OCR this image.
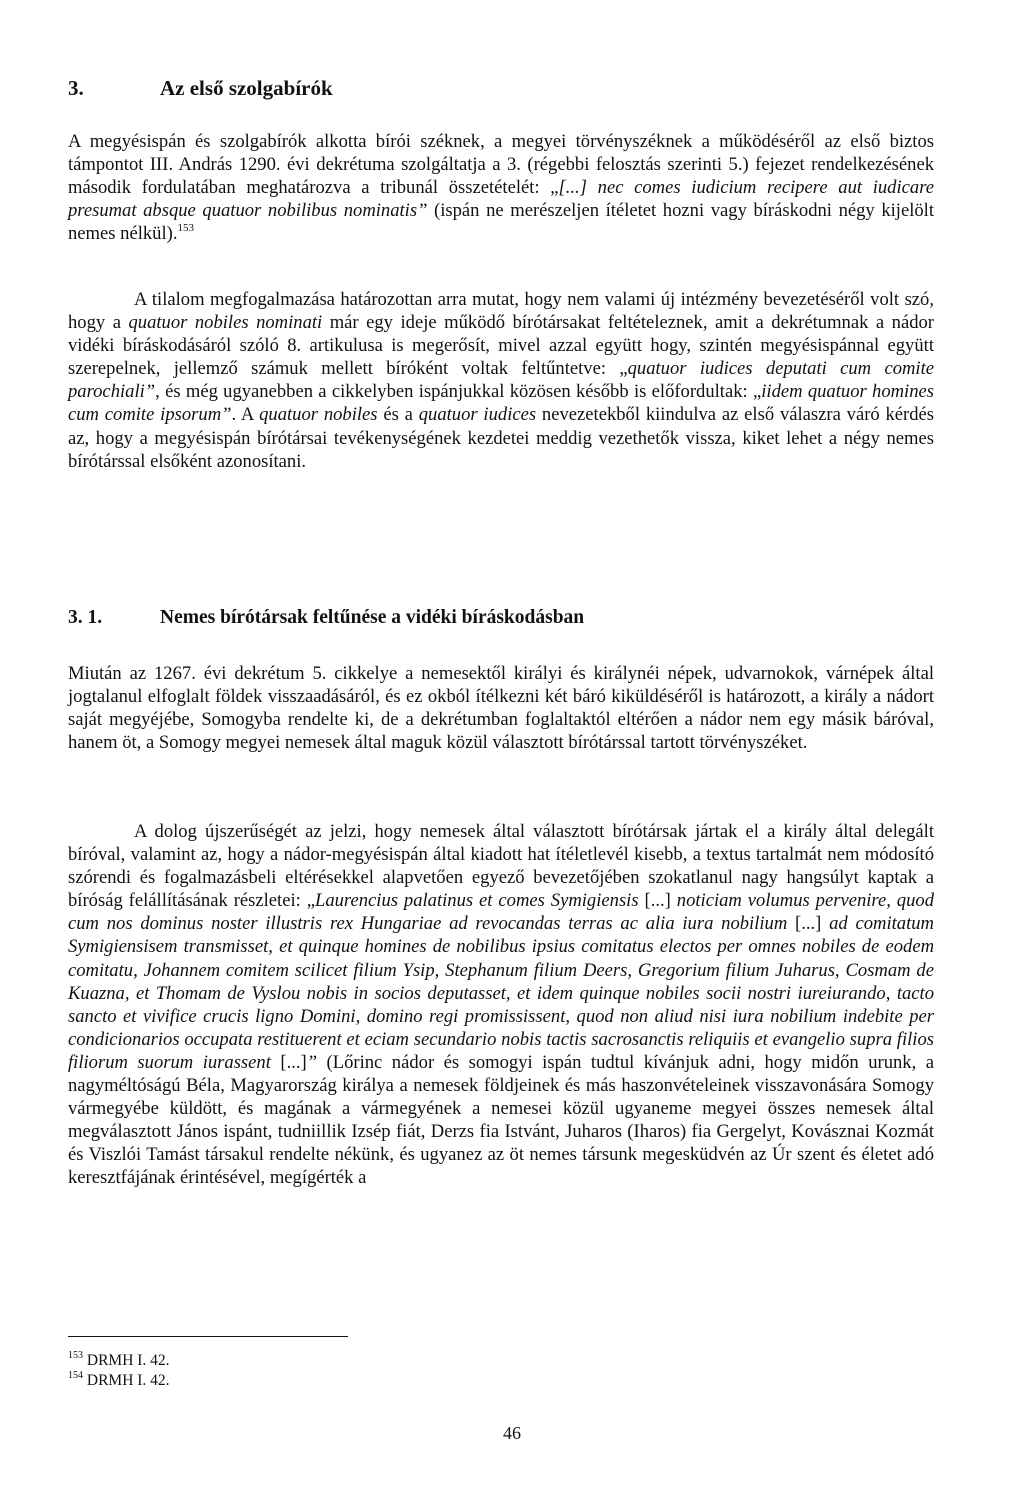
3.	Az első szolgabírók

A megyésispán és szolgabírók alkotta bírói széknek, a megyei törvényszéknek a működéséről az első biztos támpontot III. András 1290. évi dekrétuma szolgáltatja a 3. (régebbi felosztás szerinti 5.) fejezet rendelkezésének második fordulatában meghatározva a tribunál összetételét: „[...] nec comes iudicium recipere aut iudicare presumat absque quatuor nobilibus nominatis” (ispán ne merészeljen ítéletet hozni vagy bíráskodni négy kijelölt nemes nélkül).$^{153}$

A tilalom megfogalmazása határozottan arra mutat, hogy nem valami új intézmény bevezetéséről volt szó, hogy a quatuor nobiles nominati már egy ideje működő bírótársakat feltételeznek, amit a dekrétumnak a nádor vidéki bíráskodásáról szóló 8. artikulusa is megerősít, mivel azzal együtt hogy, szintén megyésispánnal együtt szerepelnek, jellemző számuk mellett bíróként voltak feltűntetve: „quatuor iudices deputati cum comite parochiali”, és még ugyanebben a cikkelyben ispánjukkal közösen később is előfordultak: „iidem quatuor homines cum comite ipsorum”. A quatuor nobiles és a quatuor iudices nevezetekből kiindulva az első válaszra váró kérdés az, hogy a megyésispán bírótársai tevékenységének kezdetei meddig vezethetők vissza, kiket lehet a négy nemes bírótárssal elsőként azonosítani.

3. 1.	Nemes bírótársak feltűnése a vidéki bíráskodásban

Miután az 1267. évi dekrétum 5. cikkelye a nemesektől királyi és királynéi népek, udvarnokok, várnépek által jogtalanul elfoglalt földek visszaadásáról, és ez okból ítélkezni két báró kiküldéséről is határozott, a király a nádort saját megyéjébe, Somogyba rendelte ki, de a dekrétumban foglaltaktól eltérően a nádor nem egy másik báróval, hanem öt, a Somogy megyei nemesek által maguk közül választott bírótárssal tartott törvényszéket.

A dolog újszerűségét az jelzi, hogy nemesek által választott bírótársak jártak el a király által delegált bíróval, valamint az, hogy a nádor-megyésispán által kiadott hat ítéletlevél kisebb, a textus tartalmát nem módosító szórendi és fogalmazásbeli eltérésekkel alapvetően egyező bevezetőjében szokatlanul nagy hangsúlyt kaptak a bíróság felállításának részletei: „Laurencius palatinus et comes Symigiensis [...] noticiam volumus pervenire, quod cum nos dominus noster illustris rex Hungariae ad revocandas terras ac alia iura nobilium [...] ad comitatum Symigiensisem transmisset, et quinque homines de nobilibus ipsius comitatus electos per omnes nobiles de eodem comitatu, Johannem comitem scilicet filium Ysip, Stephanum filium Deers, Gregorium filium Juharus, Cosmam de Kuazna, et Thomam de Vyslou nobis in socios deputasset, et idem quinque nobiles socii nostri iureiurando, tacto sancto et vivifice crucis ligno Domini, domino regi promississent, quod non aliud nisi iura nobilium indebite per condicionarios occupata restituerent et eciam secundario nobis tactis sacrosanctis reliquiis et evangelio supra filios filiorum suorum iurassent [...]” (Lőrinc nádor és somogyi ispán tudtul kívánjuk adni, hogy midőn urunk, a nagyméltóságú Béla, Magyarország királya a nemesek földjeinek és más haszonvételeinek visszavonására Somogy vármegyébe küldött, és magának a vármegyének a nemesei közül ugyaneme megyei összes nemesek által megválasztott János ispánt, tudniillik Izsép fiát, Derzs fia Istvánt, Juharos (Iharos) fia Gergelyt, Kovásznai Kozmát és Viszlói Tamást társakul rendelte nékünk, és ugyanez az öt nemes társunk megesküdvén az Úr szent és életet adó keresztfájának érintésével, megígérték a

$^{153}$ DRMH I. 42.
$^{154}$ DRMH I. 42.
46
